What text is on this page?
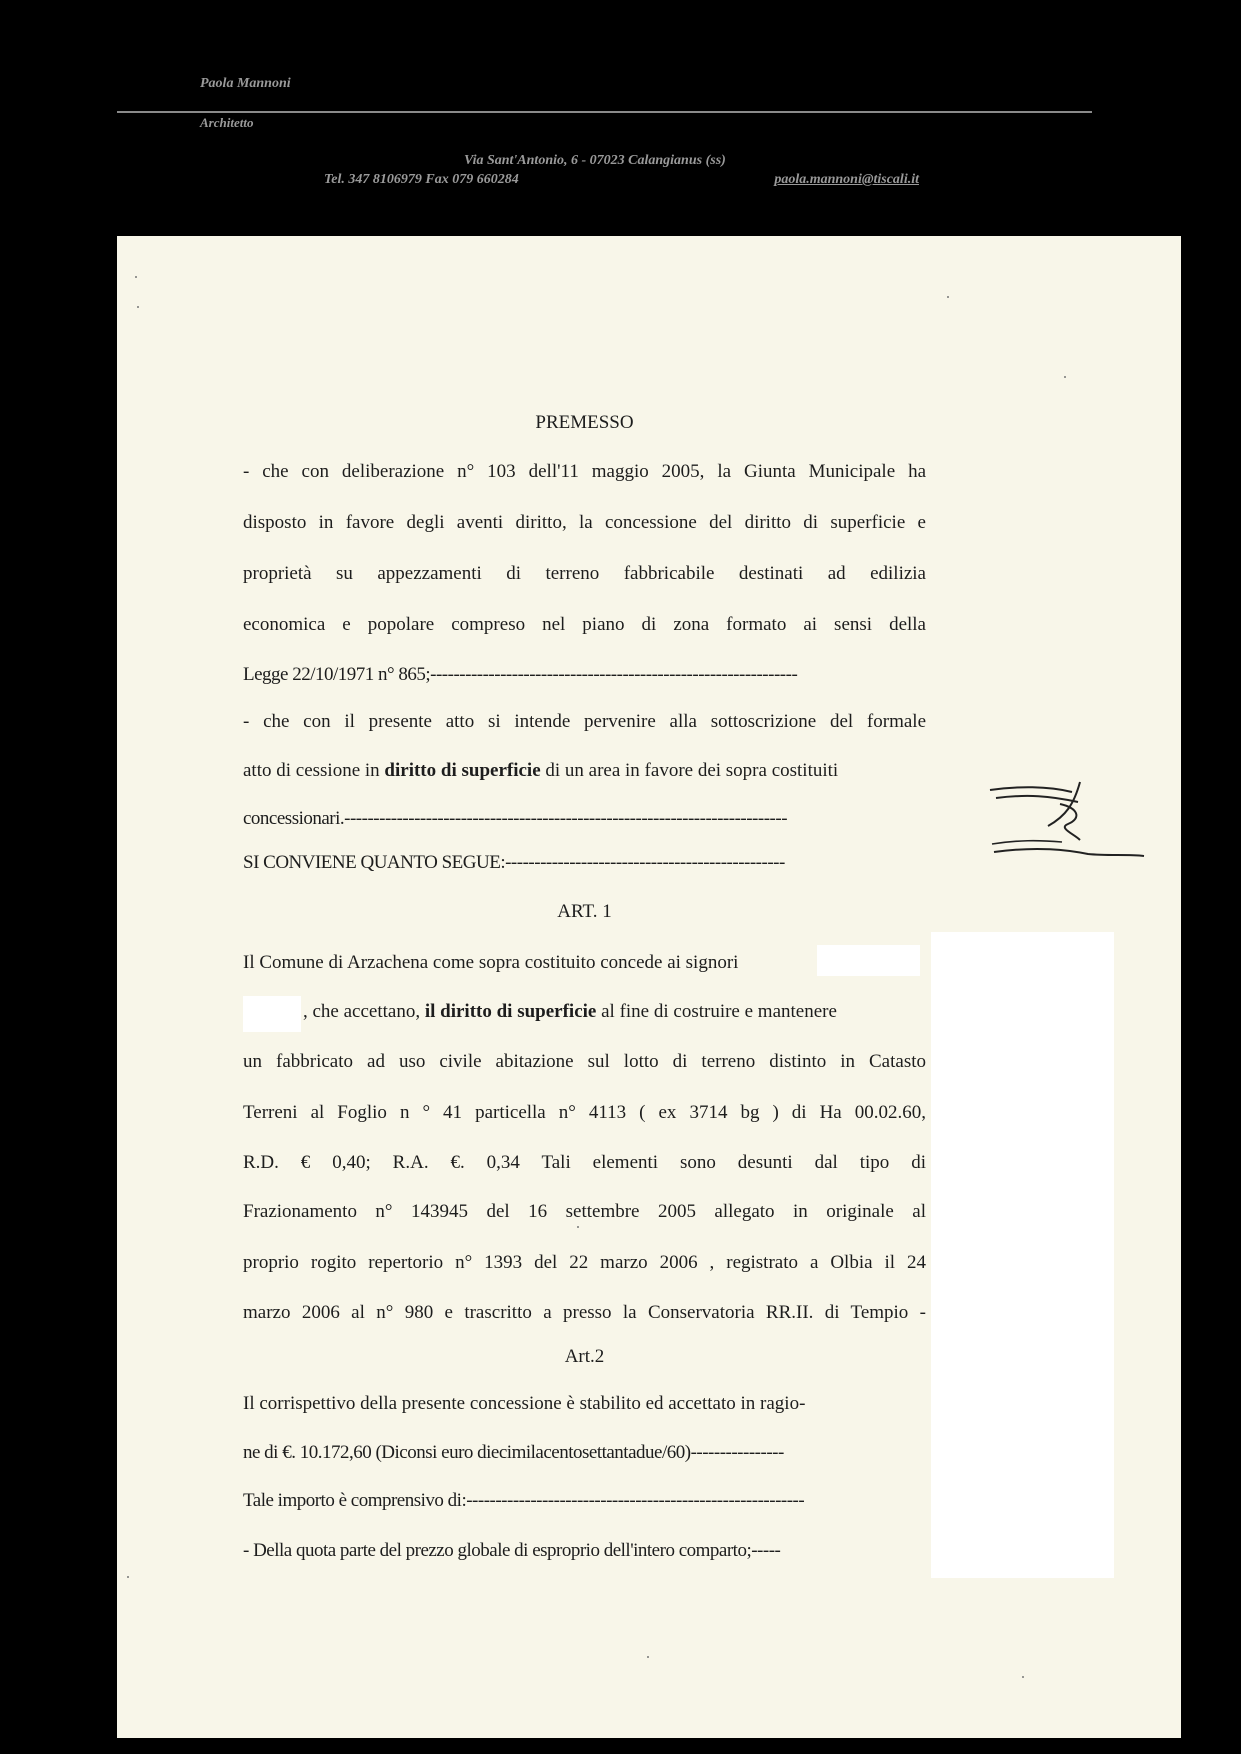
Paola Mannoni
Architetto
Via Sant'Antonio, 6 - 07023 Calangianus (ss)
Tel. 347 8106979 Fax 079 660284	paola.mannoni@tiscali.it
PREMESSO
- che con deliberazione n° 103 dell'11 maggio 2005, la Giunta Municipale ha
disposto in favore degli aventi diritto, la concessione del diritto di superficie e
proprietà su appezzamenti di terreno fabbricabile destinati ad edilizia
economica e popolare compreso nel piano di zona formato ai sensi della
Legge 22/10/1971 n° 865;---------------------------------------------------------------
- che con il presente atto si intende pervenire alla sottoscrizione del formale
atto di cessione in diritto di superficie di un area in favore dei sopra costituiti
concessionari.----------------------------------------------------------------------------
SI CONVIENE QUANTO SEGUE:------------------------------------------------
ART. 1
Il Comune di Arzachena come sopra costituito concede ai signori
, che accettano, il diritto di superficie al fine di costruire e mantenere
un fabbricato ad uso civile abitazione sul lotto di terreno distinto in Catasto
Terreni al Foglio n ° 41 particella n° 4113 ( ex 3714 bg ) di Ha 00.02.60,
R.D. € 0,40; R.A. €. 0,34 Tali elementi sono desunti dal tipo di
Frazionamento n° 143945 del 16 settembre 2005 allegato in originale al
proprio rogito repertorio n° 1393 del 22 marzo 2006 , registrato a Olbia il 24
marzo 2006 al n° 980 e trascritto a presso la Conservatoria RR.II. di Tempio -
Art.2
Il corrispettivo della presente concessione è stabilito ed accettato in ragio-
ne di €. 10.172,60 (Diconsi euro diecimilacentosettantadue/60)----------------
Tale importo è comprensivo di:----------------------------------------------------------
- Della quota parte del prezzo globale di esproprio dell'intero comparto;-----
